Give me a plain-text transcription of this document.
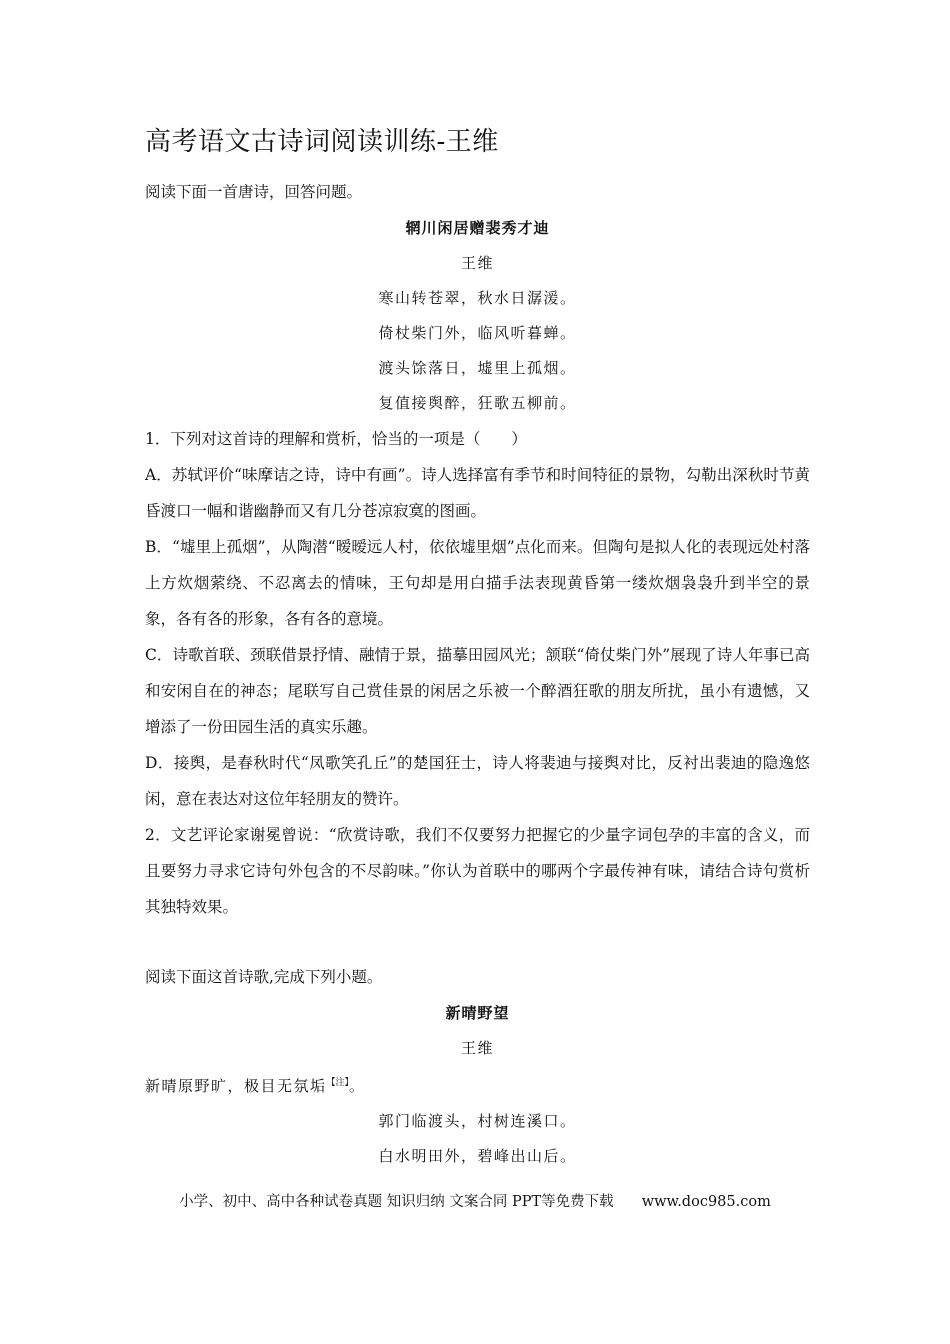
高考语文古诗词阅读训练-王维

阅读下面一首唐诗，回答问题。

辋川闲居赠裴秀才迪
王维
寒山转苍翠，秋水日潺湲。
倚杖柴门外，临风听暮蝉。
渡头馀落日，墟里上孤烟。
复值接舆醉，狂歌五柳前。

1．下列对这首诗的理解和赏析，恰当的一项是（　　）

A．苏轼评价“味摩诘之诗，诗中有画”。诗人选择富有季节和时间特征的景物，勾勒出深秋时节黄昏渡口一幅和谐幽静而又有几分苍凉寂寞的图画。

B．“墟里上孤烟”，从陶潜“暧暧远人村，依依墟里烟”点化而来。但陶句是拟人化的表现远处村落上方炊烟萦绕、不忍离去的情味，王句却是用白描手法表现黄昏第一缕炊烟袅袅升到半空的景象，各有各的形象，各有各的意境。

C．诗歌首联、颈联借景抒情、融情于景，描摹田园风光；颔联“倚仗柴门外”展现了诗人年事已高和安闲自在的神态；尾联写自己赏佳景的闲居之乐被一个醉酒狂歌的朋友所扰，虽小有遗憾，又增添了一份田园生活的真实乐趣。

D．接舆，是春秋时代“凤歌笑孔丘”的楚国狂士，诗人将裴迪与接舆对比，反衬出裴迪的隐逸悠闲，意在表达对这位年轻朋友的赞许。

2．文艺评论家谢冕曾说：“欣赏诗歌，我们不仅要努力把握它的少量字词包孕的丰富的含义，而且要努力寻求它诗句外包含的不尽韵味。”你认为首联中的哪两个字最传神有味，请结合诗句赏析其独特效果。

阅读下面这首诗歌,完成下列小题。

新晴野望
王维
新晴原野旷，极目无氛垢$^{【注】}$。
郭门临渡头，村树连溪口。
白水明田外，碧峰出山后。
小学、初中、高中各种试卷真题 知识归纳 文案合同 PPT等免费下载 www.doc985.com
